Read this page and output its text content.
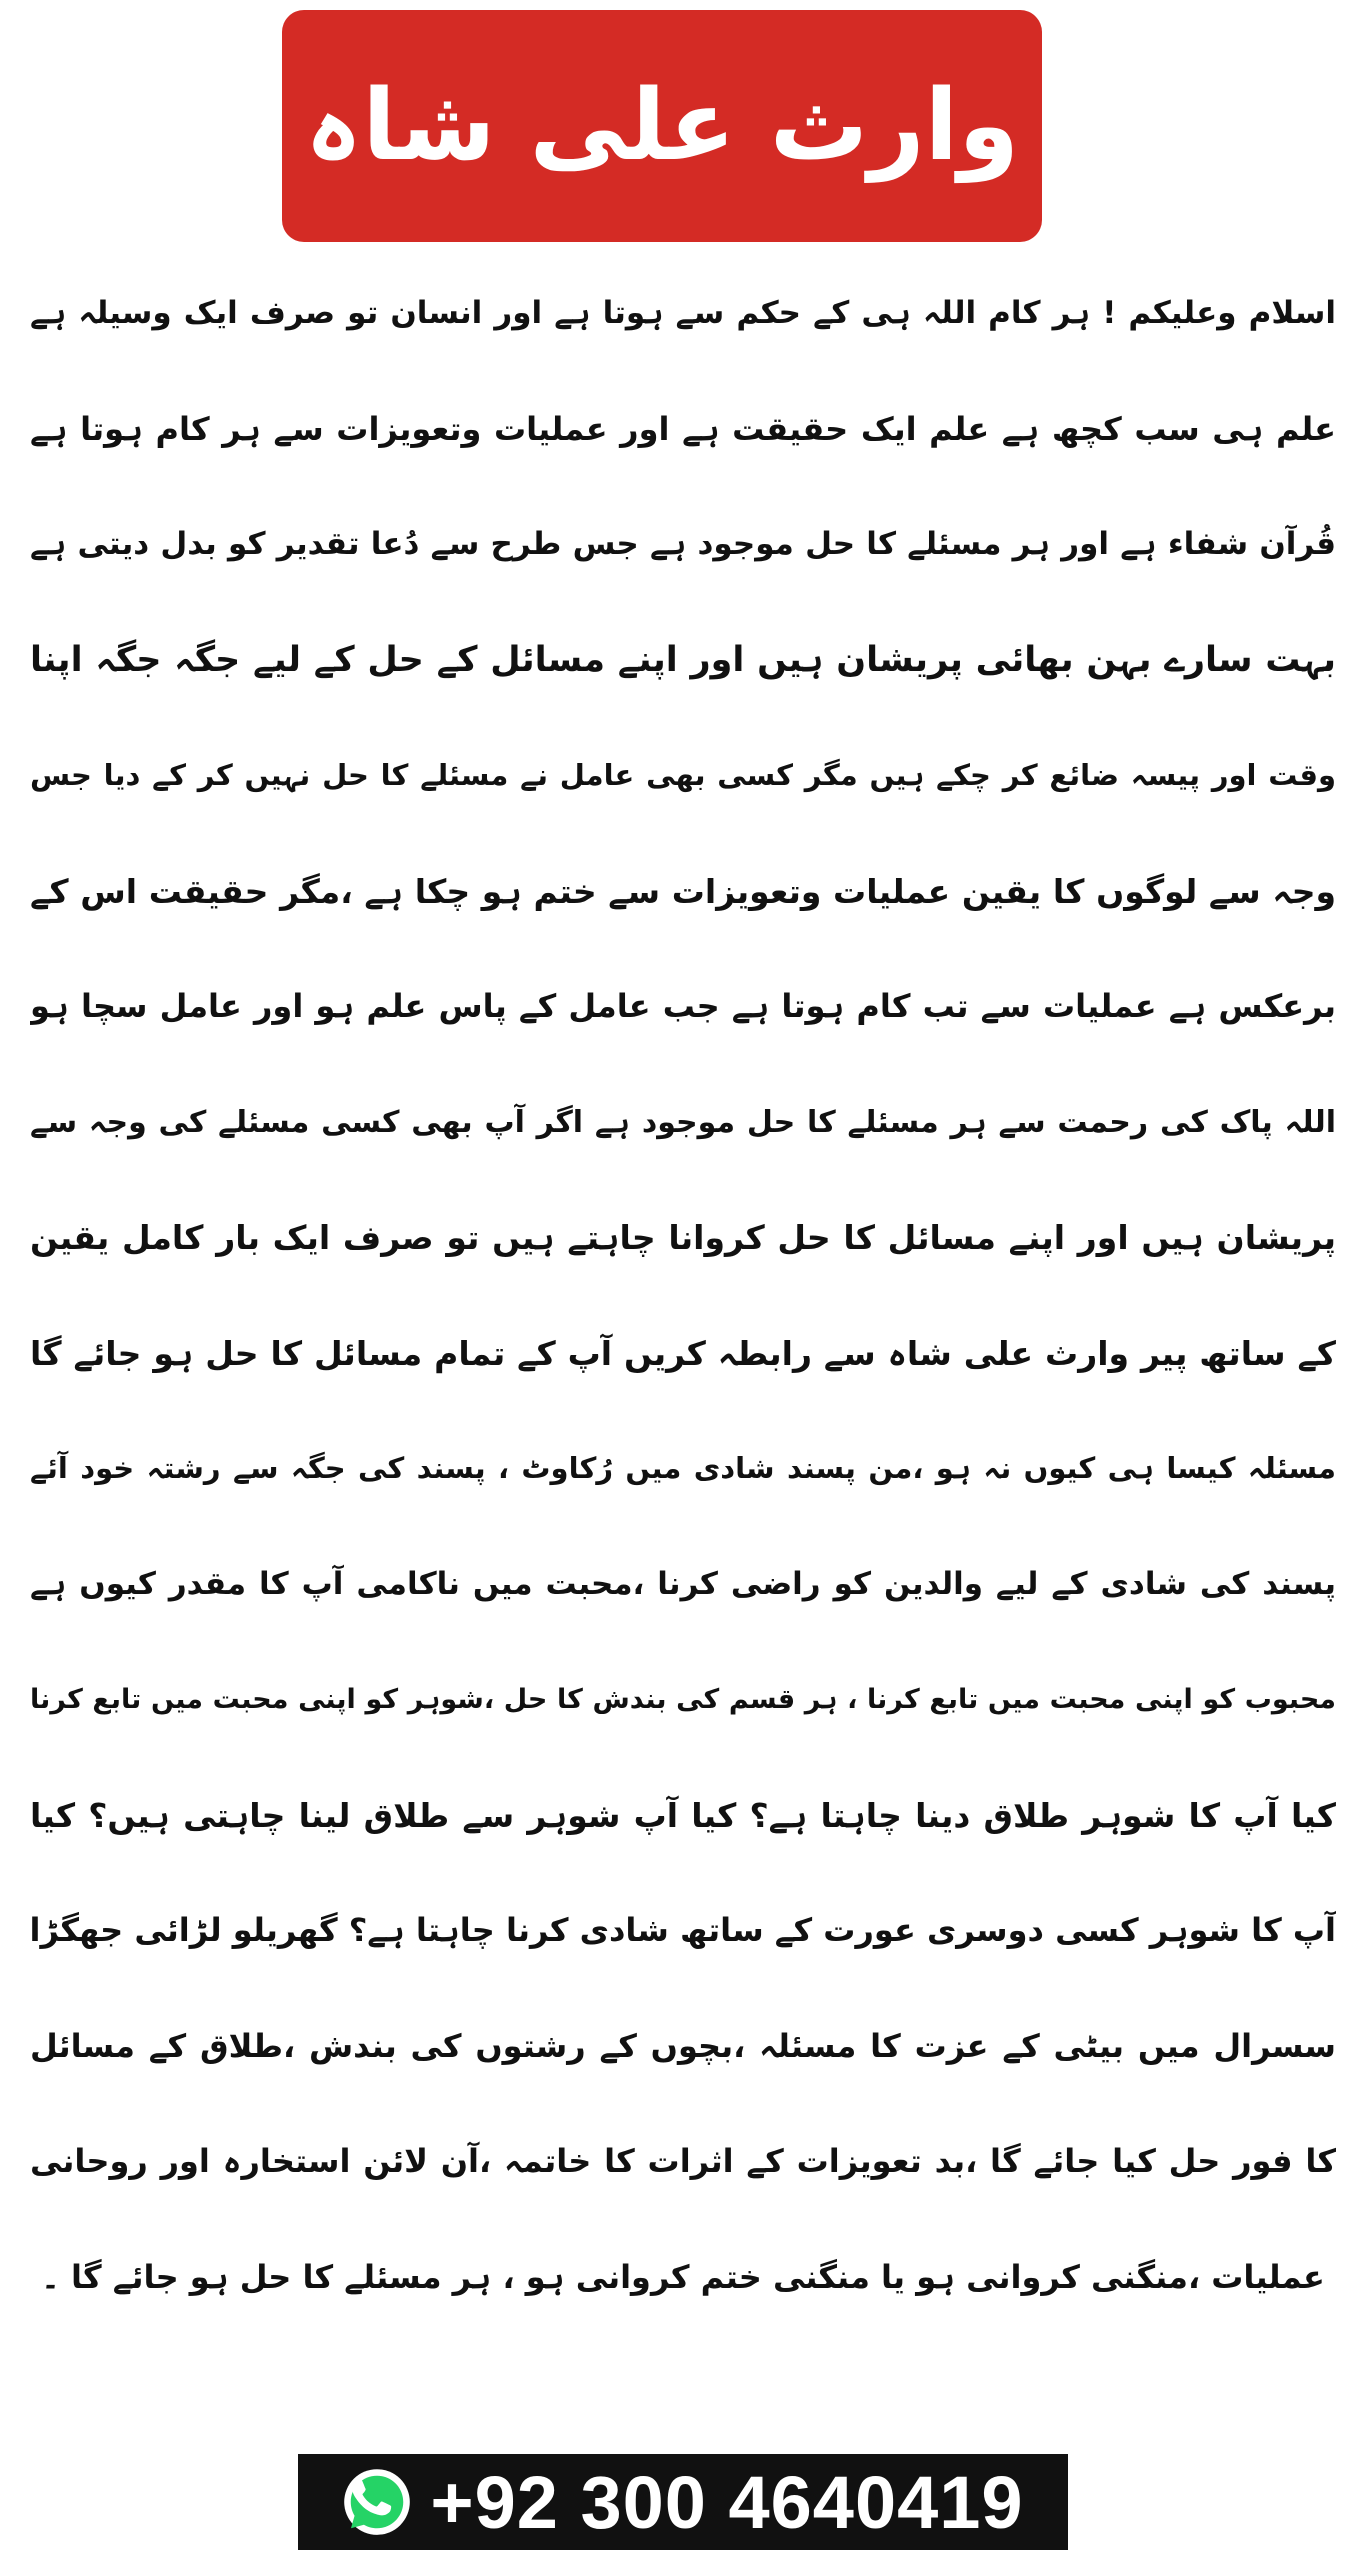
وارث علی شاہ
اسلام وعلیکم ! ہر کام اللہ ہی کے حکم سے ہوتا ہے اور انسان تو صرف ایک وسیلہ ہے
علم ہی سب کچھ ہے علم ایک حقیقت ہے اور عملیات وتعویزات سے ہر کام ہوتا ہے
قُرآن شفاء ہے اور ہر مسئلے کا حل موجود ہے جس طرح سے دُعا تقدیر کو بدل دیتی ہے
بہت سارے بہن بھائی پریشان ہیں اور اپنے مسائل کے حل کے لیے جگہ جگہ اپنا
وقت اور پیسہ ضائع کر چکے ہیں مگر کسی بھی عامل نے مسئلے کا حل نہیں کر کے دیا جس
وجہ سے لوگوں کا یقین عملیات وتعویزات سے ختم ہو چکا ہے ،مگر حقیقت اس کے
برعکس ہے عملیات سے تب کام ہوتا ہے جب عامل کے پاس علم ہو اور عامل سچا ہو
اللہ پاک کی رحمت سے ہر مسئلے کا حل موجود ہے اگر آپ بھی کسی مسئلے کی وجہ سے
پریشان ہیں اور اپنے مسائل کا حل کروانا چاہتے ہیں تو صرف ایک بار کامل یقین
کے ساتھ پیر وارث علی شاہ سے رابطہ کریں آپ کے تمام مسائل کا حل ہو جائے گا
مسئلہ کیسا ہی کیوں نہ ہو ،من پسند شادی میں رُکاوٹ ، پسند کی جگہ سے رشتہ خود آئے
پسند کی شادی کے لیے والدین کو راضی کرنا ،محبت میں ناکامی آپ کا مقدر کیوں ہے
محبوب کو اپنی محبت میں تابع کرنا ، ہر قسم کی بندش کا حل ،شوہر کو اپنی محبت میں تابع کرنا
کیا آپ کا شوہر طلاق دینا چاہتا ہے؟ کیا آپ شوہر سے طلاق لینا چاہتی ہیں؟ کیا
آپ کا شوہر کسی دوسری عورت کے ساتھ شادی کرنا چاہتا ہے؟ گھریلو لڑائی جھگڑا
سسرال میں بیٹی کے عزت کا مسئلہ ،بچوں کے رشتوں کی بندش ،طلاق کے مسائل
کا فور حل کیا جائے گا ،بد تعویزات کے اثرات کا خاتمہ ،آن لائن استخارہ اور روحانی
عملیات ،منگنی کروانی ہو یا منگنی ختم کروانی ہو ، ہر مسئلے کا حل ہو جائے گا ۔
+92 300 4640419
